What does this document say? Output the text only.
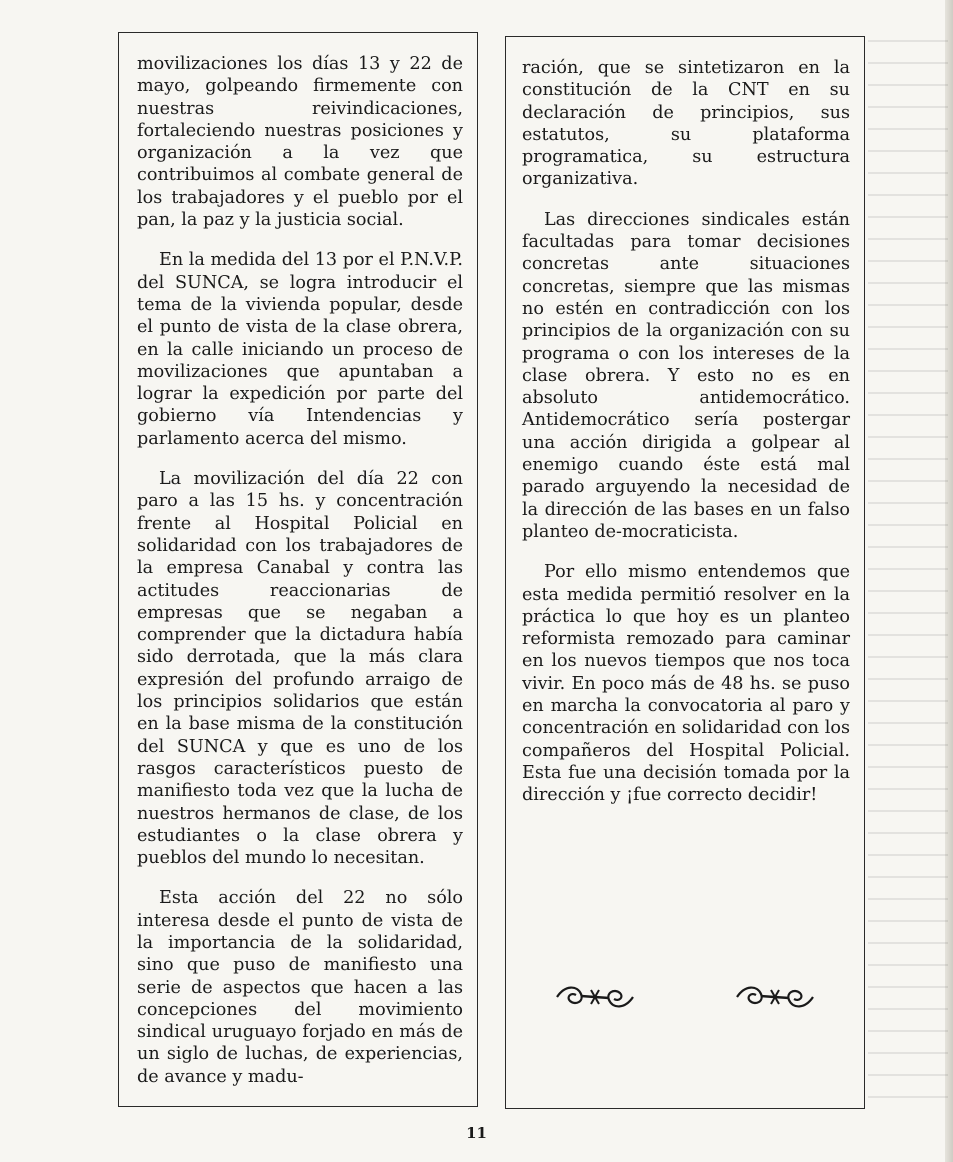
movilizaciones los días 13 y 22 de mayo, golpeando firmemente con nuestras reivindicaciones, fortaleciendo nuestras posiciones y organización a la vez que contribuimos al combate general de los trabajadores y el pueblo por el pan, la paz y la justicia social.

En la medida del 13 por el P.N.V.P. del SUNCA, se logra introducir el tema de la vivienda popular, desde el punto de vista de la clase obrera, en la calle iniciando un proceso de movilizaciones que apuntaban a lograr la expedición por parte del gobierno vía Intendencias y parlamento acerca del mismo.

La movilización del día 22 con paro a las 15 hs. y concentración frente al Hospital Policial en solidaridad con los trabajadores de la empresa Canabal y contra las actitudes reaccionarias de empresas que se negaban a comprender que la dictadura había sido derrotada, que la más clara expresión del profundo arraigo de los principios solidarios que están en la base misma de la constitución del SUNCA y que es uno de los rasgos característicos puesto de manifiesto toda vez que la lucha de nuestros hermanos de clase, de los estudiantes o la clase obrera y pueblos del mundo lo necesitan.

Esta acción del 22 no sólo interesa desde el punto de vista de la importancia de la solidaridad, sino que puso de manifiesto una serie de aspectos que hacen a las concepciones del movimiento sindical uruguayo forjado en más de un siglo de luchas, de experiencias, de avance y madu-

ración, que se sintetizaron en la constitución de la CNT en su declaración de principios, sus estatutos, su plataforma programatica, su estructura organizativa.

Las direcciones sindicales están facultadas para tomar decisiones concretas ante situaciones concretas, siempre que las mismas no estén en contradicción con los principios de la organización con su programa o con los intereses de la clase obrera. Y esto no es en absoluto antidemocrático. Antidemocrático sería postergar una acción dirigida a golpear al enemigo cuando éste está mal parado arguyendo la necesidad de la dirección de las bases en un falso planteo de-mocraticista.

Por ello mismo entendemos que esta medida permitió resolver en la práctica lo que hoy es un planteo reformista remozado para caminar en los nuevos tiempos que nos toca vivir. En poco más de 48 hs. se puso en marcha la convocatoria al paro y concentración en solidaridad con los compañeros del Hospital Policial. Esta fue una decisión tomada por la dirección y ¡fue correcto decidir!

11
